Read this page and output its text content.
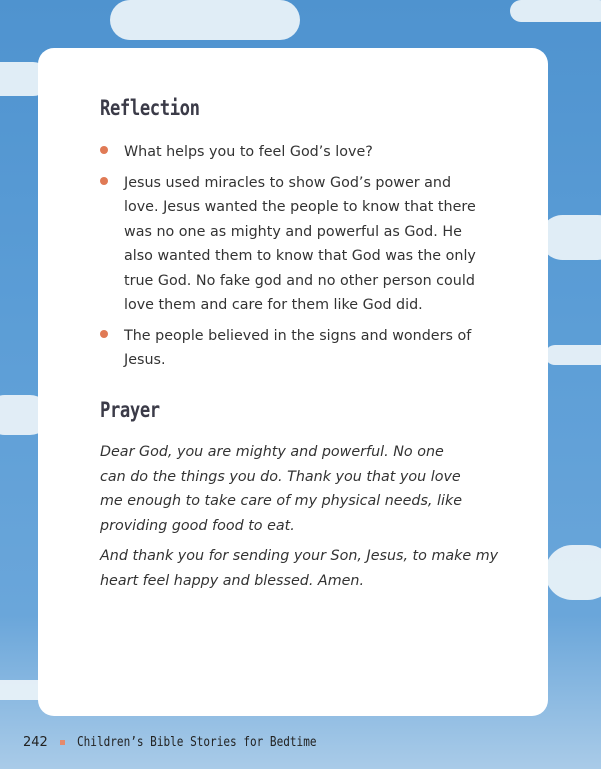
Reflection
What helps you to feel God’s love?
Jesus used miracles to show God’s power and
love. Jesus wanted the people to know that there
was no one as mighty and powerful as God. He
also wanted them to know that God was the only
true God. No fake god and no other person could
love them and care for them like God did.
The people believed in the signs and wonders of
Jesus.
Prayer

Dear God, you are mighty and powerful. No one
can do the things you do. Thank you that you love
me enough to take care of my physical needs, like
providing good food to eat.

And thank you for sending your Son, Jesus, to make my
heart feel happy and blessed. Amen.

242 Children’s Bible Stories for Bedtime
